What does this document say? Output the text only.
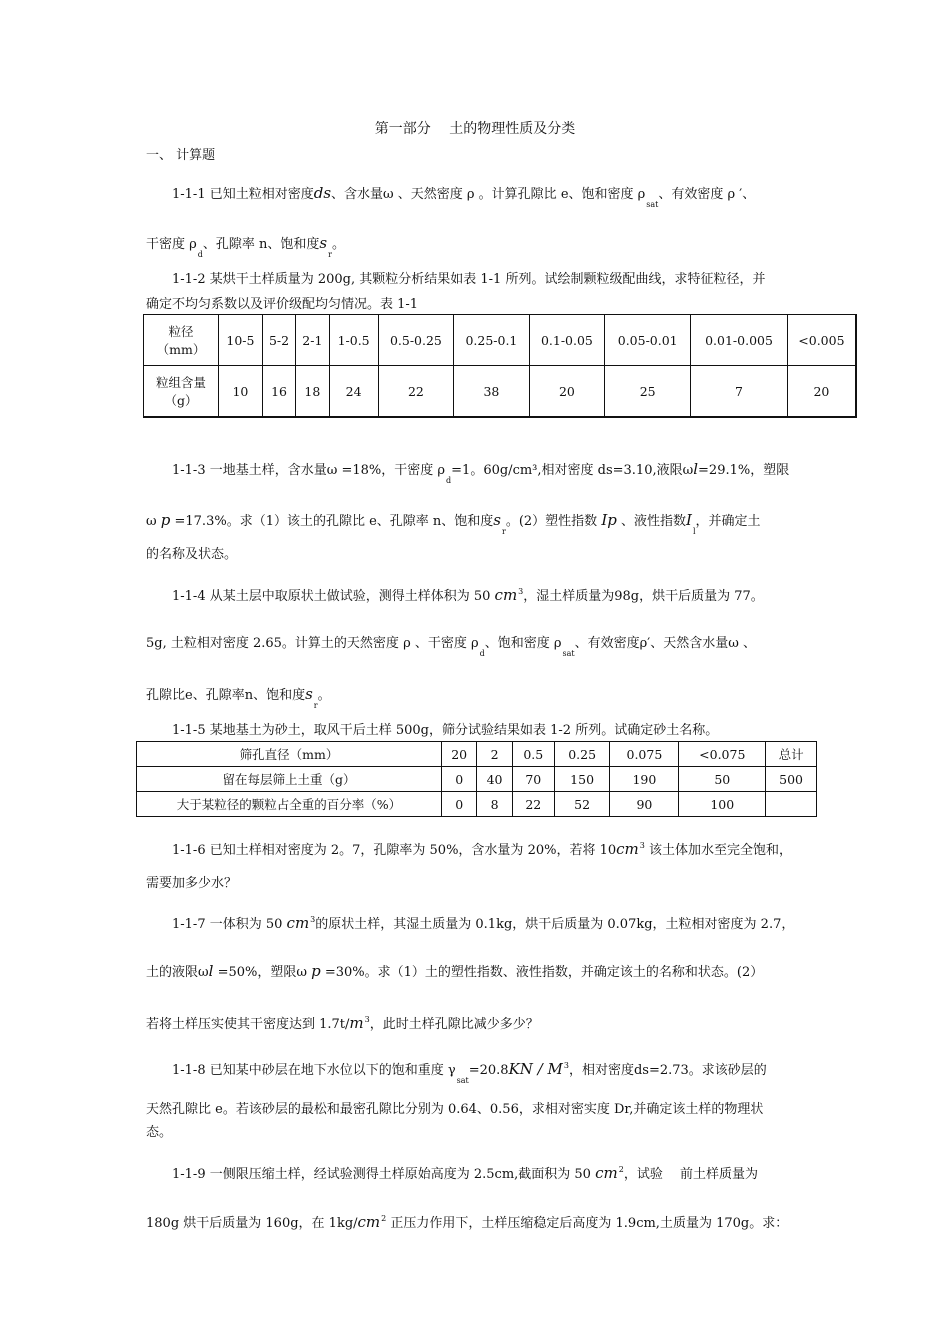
第一部分　 土的物理性质及分类
一、 计算题
1-1-1 已知土粒相对密度ds、含水量ω 、天然密度 ρ 。计算孔隙比 e、饱和密度 $\rho_{sat}$、有效密度 ρ ′、
干密度 $\rho_d$、孔隙率 n、饱和度$s_r$。
1-1-2 某烘干土样质量为 200g, 其颗粒分析结果如表 1-1 所列。试绘制颗粒级配曲线，求特征粒径，并
确定不均匀系数以及评价级配均匀情况。表 1-1
粒径
（mm）	10-5	5-2	2-1	1-0.5	0.5-0.25	0.25-0.1	0.1-0.05	0.05-0.01	0.01-0.005	<0.005
粒组含量
（g）	10	16	18	24	22	38	20	25	7	20
1-1-3 一地基土样，含水量ω =18%，干密度 $\rho_d=1$。60g/cm³,相对密度 ds=3.10,液限ωl=29.1%，塑限
ω p =17.3%。求（1）该土的孔隙比 e、孔隙率 n、饱和度$s_r$。(2）塑性指数 Ip 、液性指数$I_l$，并确定土
的名称及状态。
1-1-4 从某土层中取原状土做试验，测得土样体积为 50 $cm^3$，湿土样质量为98g，烘干后质量为 77。
5g, 土粒相对密度 2.65。计算土的天然密度 ρ 、干密度 $\rho_d$、饱和密度 $\rho_{sat}$、有效密度ρ′、天然含水量ω 、
孔隙比e、孔隙率n、饱和度$s_r$。
1-1-5 某地基土为砂土，取风干后土样 500g，筛分试验结果如表 1-2 所列。试确定砂土名称。
筛孔直径（mm）	20	2	0.5	0.25	0.075	<0.075	总计
留在每层筛上土重（g）	0	40	70	150	190	50	500
大于某粒径的颗粒占全重的百分率（%）	0	8	22	52	90	100	
1-1-6 已知土样相对密度为 2。7，孔隙率为 50%，含水量为 20%，若将 $10cm^3$ 该土体加水至完全饱和，
需要加多少水？
1-1-7 一体积为 50 $cm^3$的原状土样，其湿土质量为 0.1kg，烘干后质量为 0.07kg，土粒相对密度为 2.7，
土的液限ωl =50%，塑限ω p =30%。求（1）土的塑性指数、液性指数，并确定该土的名称和状态。(2）
若将土样压实使其干密度达到 $1.7t/m^3$，此时土样孔隙比减少多少？
1-1-8 已知某中砂层在地下水位以下的饱和重度 $\gamma_{sat}=20.8KN / M^3$，相对密度ds=2.73。求该砂层的
天然孔隙比 e。若该砂层的最松和最密孔隙比分别为 0.64、0.56，求相对密实度 Dr,并确定该土样的物理状
态。
1-1-9 一侧限压缩土样，经试验测得土样原始高度为 2.5cm,截面积为 50 $cm^2$，试验　 前土样质量为
180g 烘干后质量为 160g，在 $1kg/cm^2$ 正压力作用下，土样压缩稳定后高度为 1.9cm,土质量为 170g。求：
